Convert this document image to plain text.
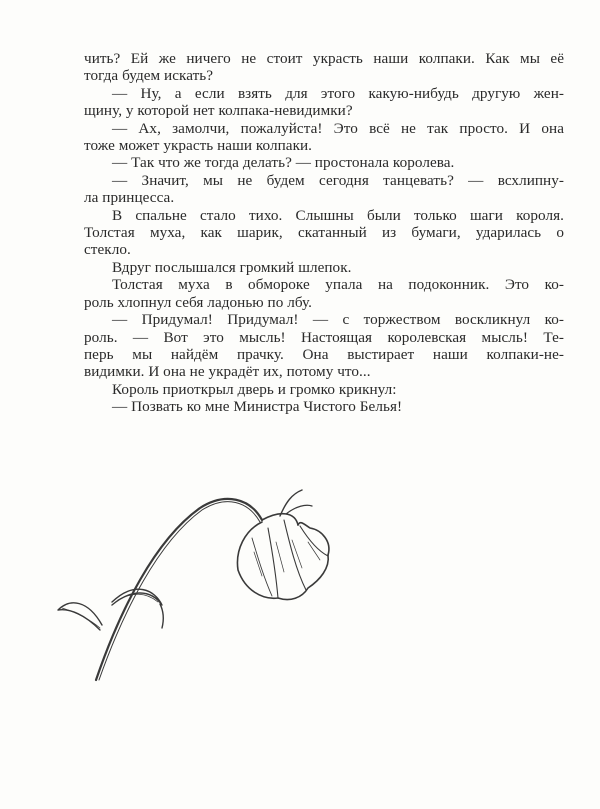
чить? Ей же ничего не стоит украсть наши колпаки. Как мы её
тогда будем искать?
— Ну, а если взять для этого какую-нибудь другую жен-
щину, у которой нет колпака-невидимки?
— Ах, замолчи, пожалуйста! Это всё не так просто. И она
тоже может украсть наши колпаки.
— Так что же тогда делать? — простонала королева.
— Значит, мы не будем сегодня танцевать? — всхлипну-
ла принцесса.
В спальне стало тихо. Слышны были только шаги короля.
Толстая муха, как шарик, скатанный из бумаги, ударилась о
стекло.
Вдруг послышался громкий шлепок.
Толстая муха в обмороке упала на подоконник. Это ко-
роль хлопнул себя ладонью по лбу.
— Придумал! Придумал! — с торжеством воскликнул ко-
роль. — Вот это мысль! Настоящая королевская мысль! Те-
перь мы найдём прачку. Она выстирает наши колпаки-не-
видимки. И она не украдёт их, потому что...
Король приоткрыл дверь и громко крикнул:
— Позвать ко мне Министра Чистого Белья!
